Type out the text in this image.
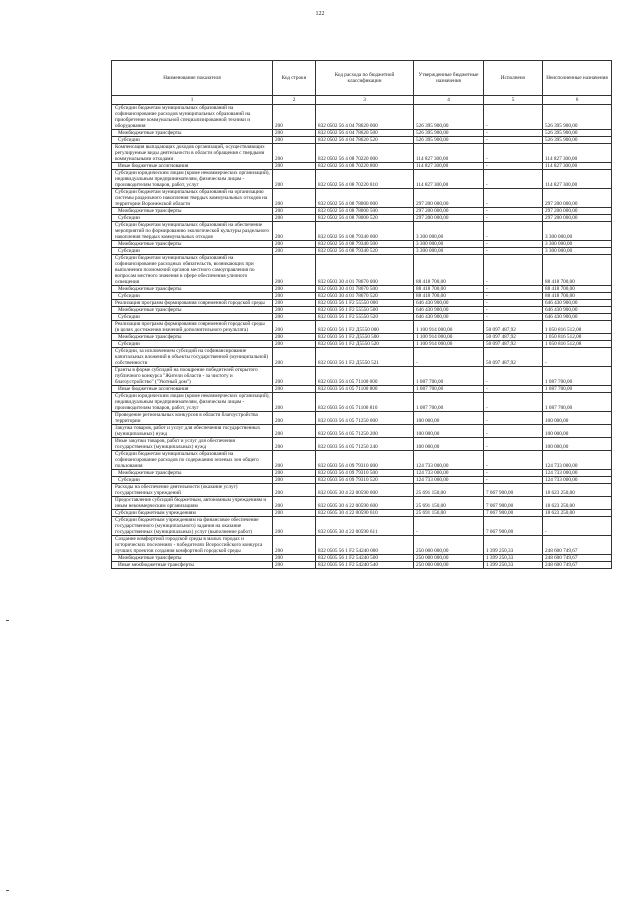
122
Наименование показателя	Код строки	Код расхода по бюджетной классификации	Утвержденные бюджетные назначения	Исполнено	Неисполненные назначения
1	2	3	4	5	6
Субсидии бюджетам муниципальных образований на софинансирование расходов муниципальных образований на приобретение коммунальной специализированной техники и оборудования	200	832 0502 56 4 04 78620 000	526 395 900,00	-	526 395 900,00
Межбюджетные трансферты	200	832 0502 56 4 04 78620 500	526 395 900,00	-	526 395 900,00
Субсидии	200	832 0502 56 4 04 78620 520	526 395 900,00	-	526 395 900,00
Компенсация выпадающих доходов организаций, осуществляющих регулируемые виды деятельности в области обращения с твердыми коммунальными отходами	200	832 0502 56 4 08 70220 000	114 827 300,00	-	114 827 300,00
Иные бюджетные ассигнования	200	832 0502 56 4 08 70220 800	114 827 300,00	-	114 827 300,00
Субсидии юридическим лицам (кроме некоммерческих организаций), индивидуальным предпринимателям, физическим лицам - производителям товаров, работ, услуг	200	832 0502 56 4 08 70220 810	114 827 300,00	-	114 827 300,00
Субсидии бюджетам муниципальных образований на организацию системы раздельного накопления твердых коммунальных отходов на территории Воронежской области	200	832 0502 56 4 08 78000 000	297 200 000,00	-	297 200 000,00
Межбюджетные трансферты	200	832 0502 56 4 08 78000 500	297 200 000,00	-	297 200 000,00
Субсидии	200	832 0502 56 4 08 78000 520	297 200 000,00	-	297 200 000,00
Субсидии бюджетам муниципальных образований на обеспечение мероприятий по формированию экологической культуры раздельного накопления твердых коммунальных отходов	200	832 0502 56 4 08 79340 000	3 300 000,00	-	3 300 000,00
Межбюджетные трансферты	200	832 0502 56 4 08 79340 500	3 300 000,00	-	3 300 000,00
Субсидии	200	832 0502 56 4 08 79340 520	3 300 000,00	-	3 300 000,00
Субсидии бюджетам муниципальных образований на софинансирование расходных обязательств, возникающих при выполнении полномочий органов местного самоуправления по вопросам местного значения в сфере обеспечения уличного освещения	200	832 0503 30 4 01 78670 000	88 418 700,00	-	88 418 700,00
Межбюджетные трансферты	200	832 0503 30 4 01 78670 500	88 418 700,00	-	88 418 700,00
Субсидии	200	832 0503 30 4 01 78670 520	88 418 700,00	-	88 418 700,00
Реализация программ формирования современной городской среды	200	832 0503 56 1 F2 55550 000	646 430 900,00	-	646 430 900,00
Межбюджетные трансферты	200	832 0503 56 1 F2 55550 500	646 430 900,00	-	646 430 900,00
Субсидии	200	832 0503 56 1 F2 55550 520	646 430 900,00	-	646 430 900,00
Реализация программ формирования современной городской среды (в целях достижения значений дополнительного результата)	200	832 0503 56 1 F2 Д5550 000	1 100 914 000,00	50 097 487,92	1 050 816 512,08
Межбюджетные трансферты	200	832 0503 56 1 F2 Д5550 500	1 100 914 000,00	50 097 487,92	1 050 816 512,08
Субсидии	200	832 0503 56 1 F2 Д5550 520	1 100 914 000,00	50 097 487,92	1 050 816 512,08
Субсидии, за исключением субсидий на софинансирование капитальных вложений в объекты государственной (муниципальной) собственности	200	832 0503 56 1 F2 Д5550 521	-	50 097 487,92	-
Гранты в форме субсидий на поощрение победителей открытого публичного конкурса "Жители области - за чистоту и благоустройство" ("Уютный дом")	200	832 0503 56 4 05 71100 000	1 087 700,00	-	1 087 700,00
Иные бюджетные ассигнования	200	832 0503 56 4 05 71100 800	1 087 700,00	-	1 087 700,00
Субсидии юридическим лицам (кроме некоммерческих организаций), индивидуальным предпринимателям, физическим лицам - производителям товаров, работ, услуг	200	832 0503 56 4 05 71100 810	1 087 700,00	-	1 087 700,00
Проведение региональных конкурсов в области благоустройства территории	200	832 0503 56 4 05 71250 000	100 000,00	-	100 000,00
Закупка товаров, работ и услуг для обеспечения государственных (муниципальных) нужд	200	832 0503 56 4 05 71250 200	100 000,00	-	100 000,00
Иные закупки товаров, работ и услуг для обеспечения государственных (муниципальных) нужд	200	832 0503 56 4 05 71250 240	100 000,00	-	100 000,00
Субсидии бюджетам муниципальных образований на софинансирование расходов по содержанию зеленых зон общего пользования	200	832 0503 56 4 09 79310 000	124 733 000,00	-	124 733 000,00
Межбюджетные трансферты	200	832 0503 56 4 09 79310 500	124 733 000,00	-	124 733 000,00
Субсидии	200	832 0503 56 4 09 79310 520	124 733 000,00	-	124 733 000,00
Расходы на обеспечение деятельности (оказание услуг) государственных учреждений	200	832 0505 30 4 22 00590 000	25 691 150,00	7 067 900,00	18 623 250,00
Предоставление субсидий бюджетным, автономным учреждениям и иным некоммерческим организациям	200	832 0505 30 4 22 00590 600	25 691 150,00	7 067 900,00	18 623 250,00
Субсидии бюджетным учреждениям	200	832 0505 30 4 22 00590 610	25 691 150,00	7 067 900,00	18 623 250,00
Субсидии бюджетным учреждениям на финансовое обеспечение государственного (муниципального) задания на оказание государственных (муниципальных) услуг (выполнение работ)	200	832 0505 30 4 22 00590 611	-	7 067 900,00	-
Создание комфортной городской среды в малых городах и исторических поселениях - победителях Всероссийского конкурса лучших проектов создания комфортной городской среды	200	832 0505 56 1 F2 54240 000	250 000 000,00	1 399 250,33	248 600 749,67
Межбюджетные трансферты	200	832 0505 56 1 F2 54240 500	250 000 000,00	1 399 250,33	248 600 749,67
Иные межбюджетные трансферты	200	832 0505 56 1 F2 54240 540	250 000 000,00	1 399 250,33	248 600 749,67
